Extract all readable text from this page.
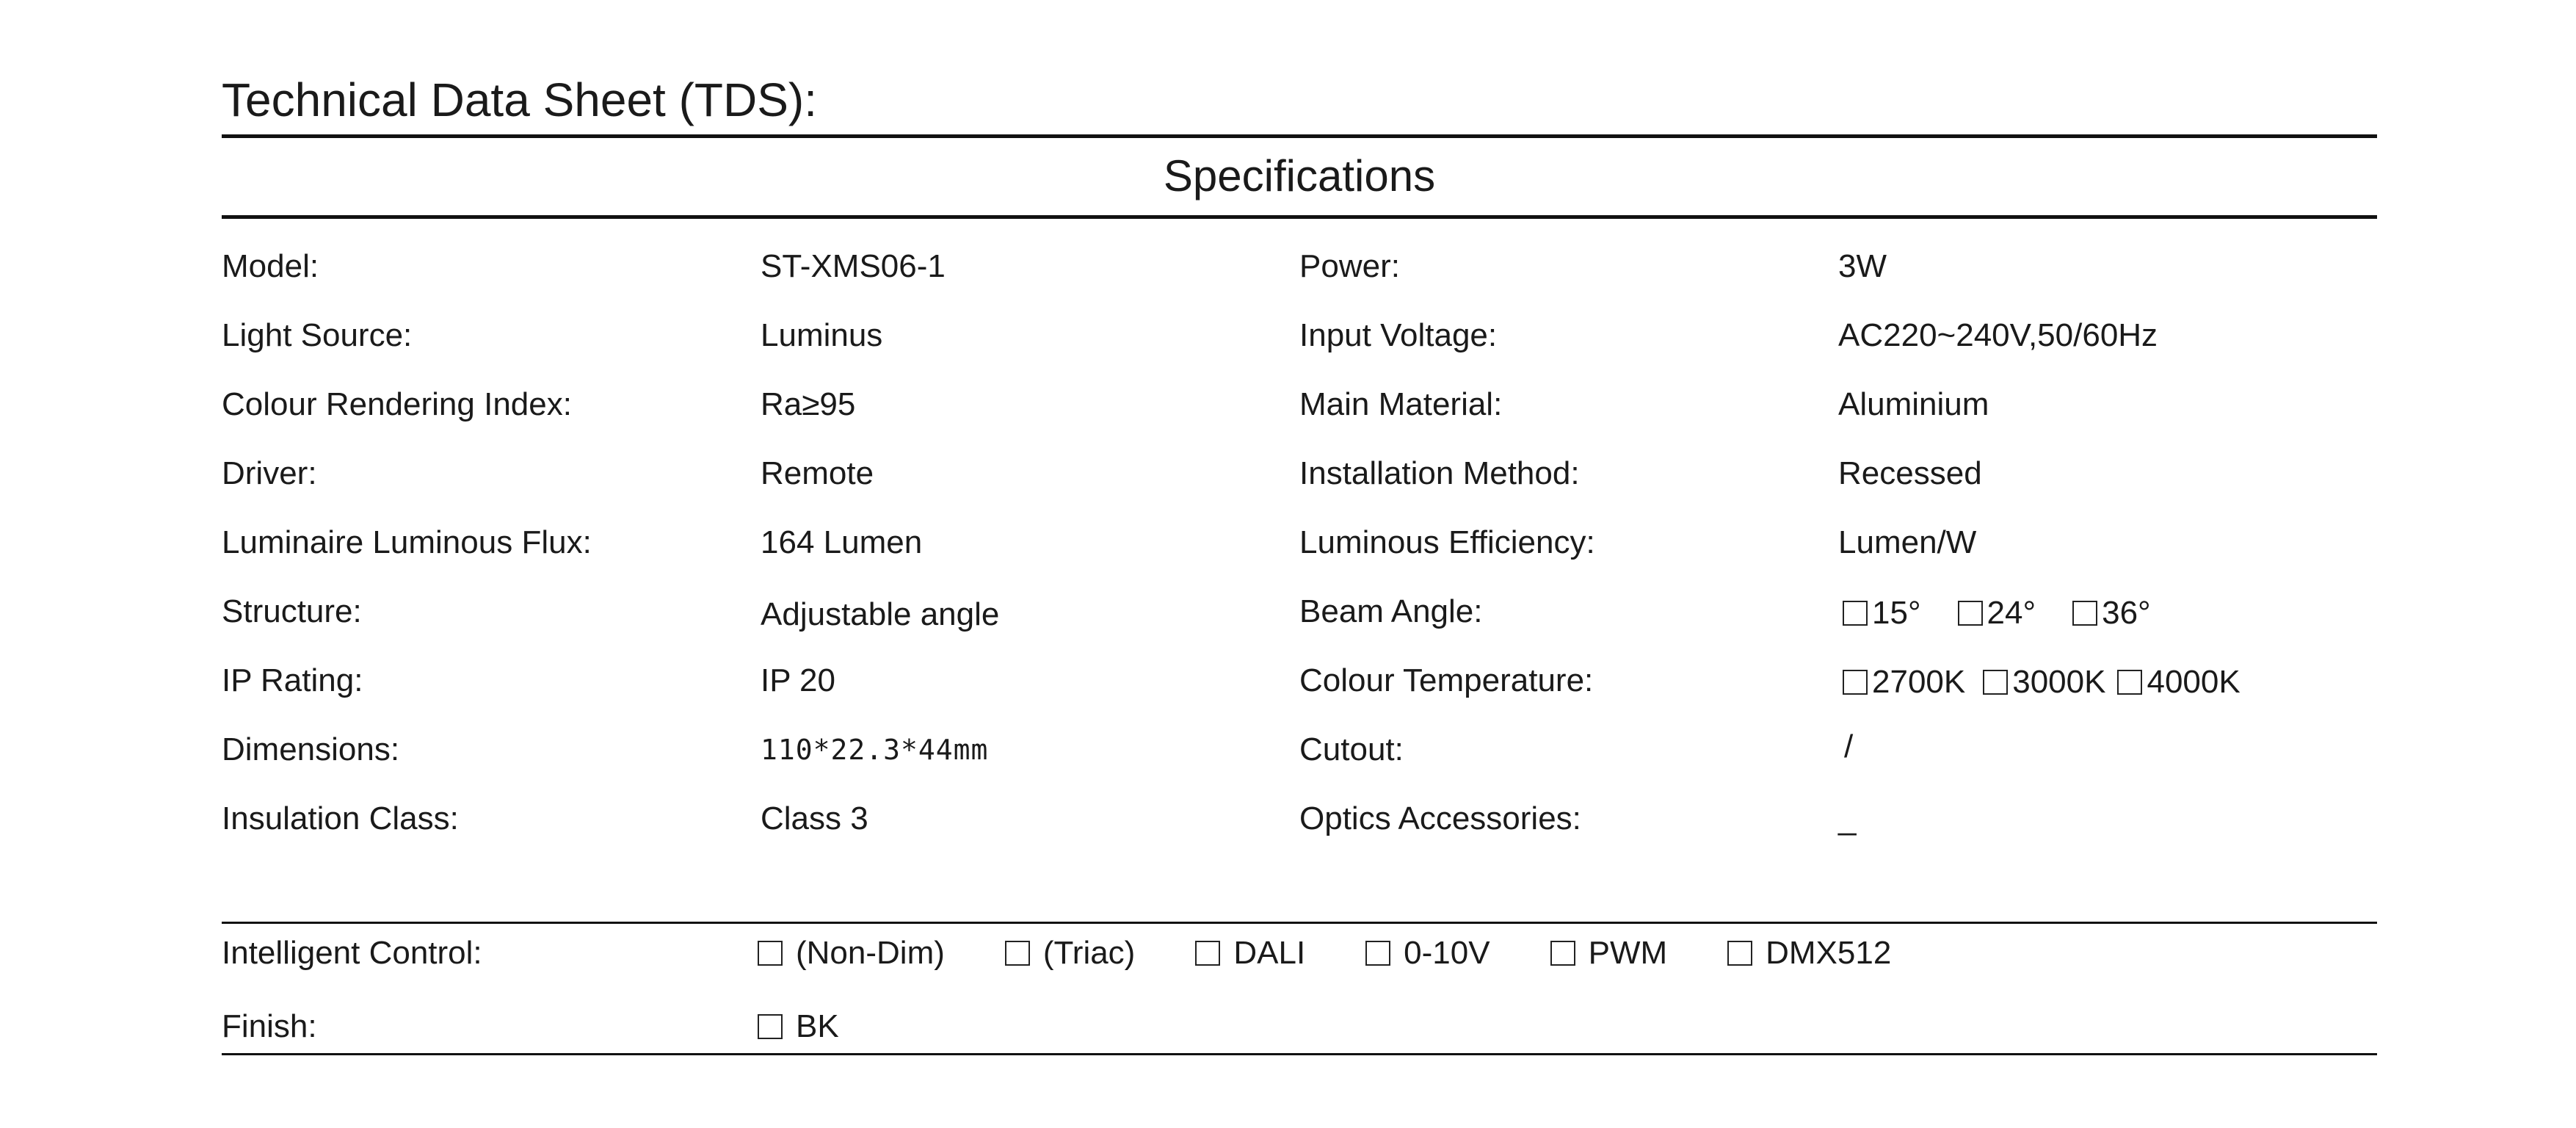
Technical Data Sheet (TDS):
Specifications
Model:	ST-XMS06-1	Power:	3W
Light Source:	Luminus	Input Voltage:	AC220~240V,50/60Hz
Colour Rendering Index:	Ra≥95	Main Material:	Aluminium
Driver:	Remote	Installation Method:	Recessed
Luminaire Luminous Flux:	164 Lumen	Luminous Efficiency:	Lumen/W
Structure:	Adjustable angle	Beam Angle:	15° 24° 36°
IP Rating:	IP 20	Colour Temperature:	2700K 3000K 4000K
Dimensions:	110*22.3*44mm	Cutout:	/
Insulation Class:	Class 3	Optics Accessories:	_
Intelligent Control:	(Non-Dim)	(Triac)	DALI	0-10V	PWM	DMX512
Finish:	BK
